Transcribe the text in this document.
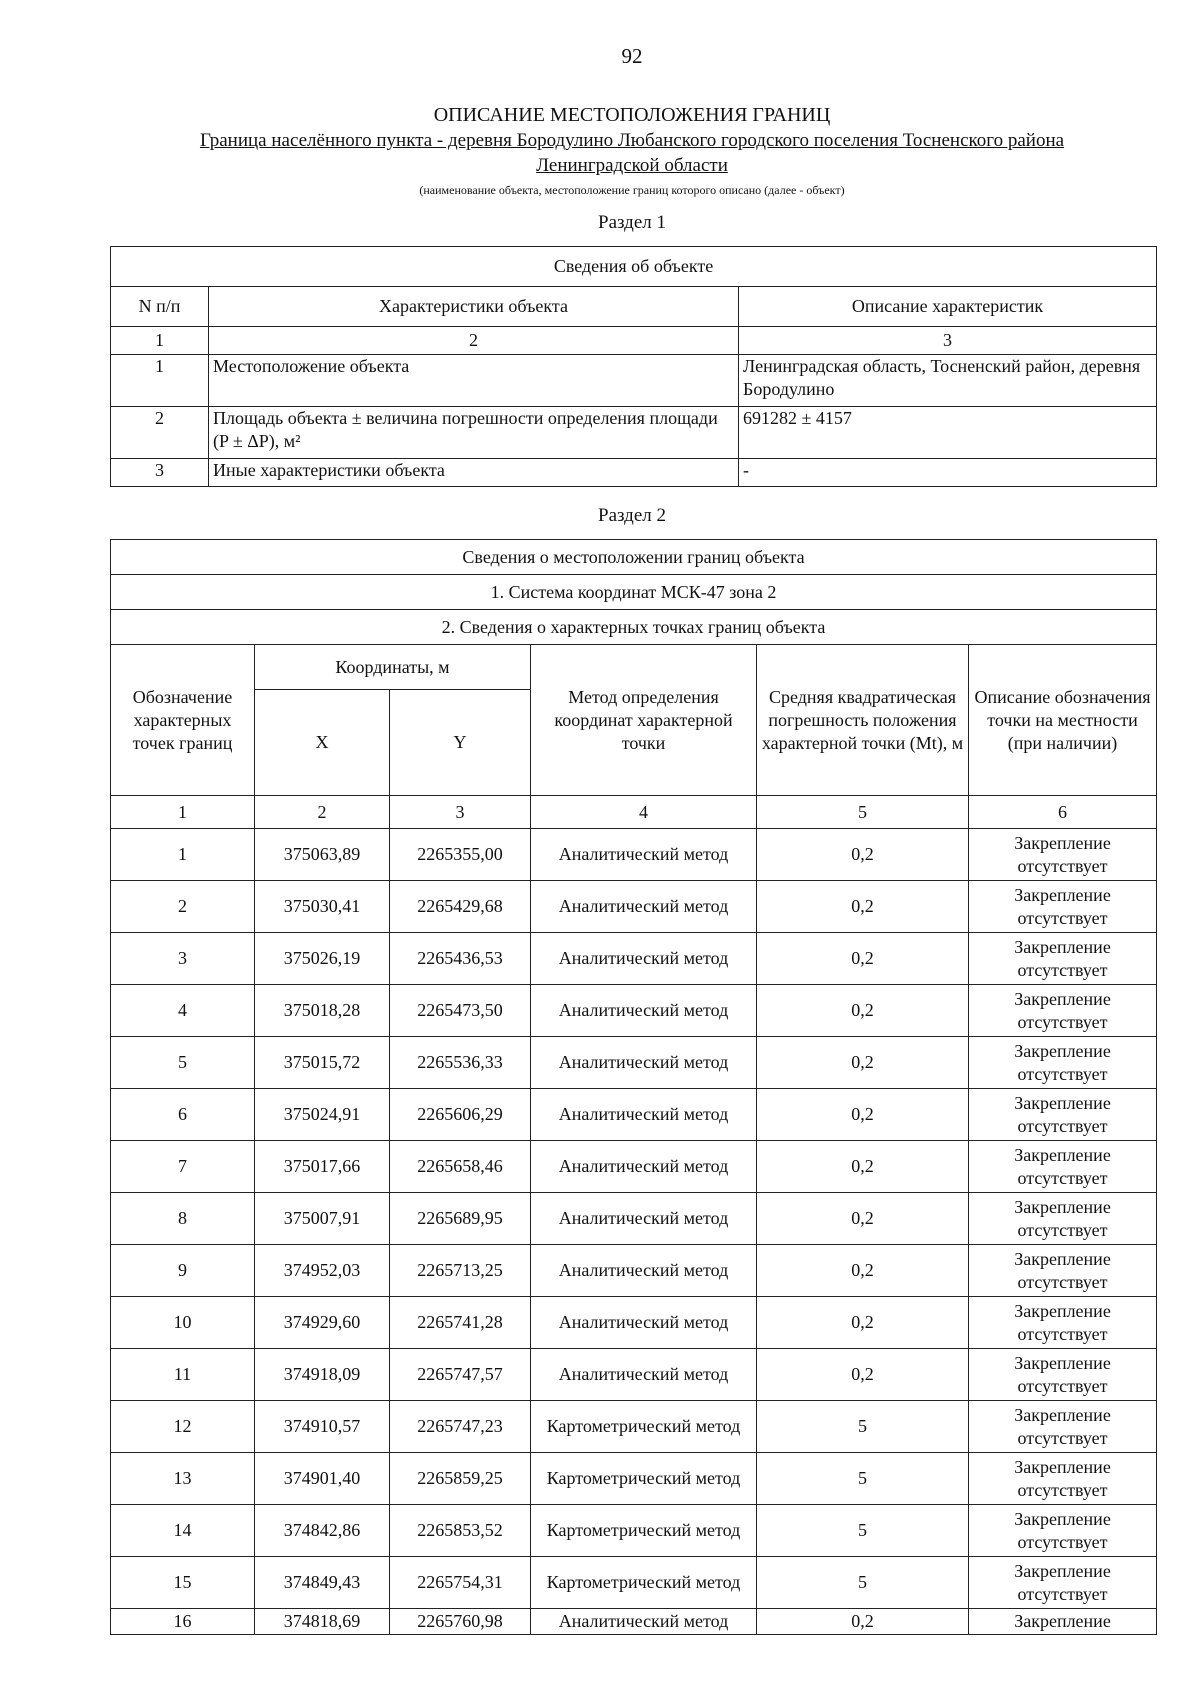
92
ОПИСАНИЕ МЕСТОПОЛОЖЕНИЯ ГРАНИЦ
Граница населённого пункта - деревня Бородулино Любанского городского поселения Тосненского района Ленинградской области
(наименование объекта, местоположение границ которого описано (далее - объект)
Раздел 1
Сведения об объекте		
N п/п	Характеристики объекта	Описание характеристик
1	2	3
1	Местоположение объекта	Ленинградская область, Тосненский район, деревня Бородулино
2	Площадь объекта ± величина погрешности определения площади (P ± ΔP), м²	691282 ± 4157
3	Иные характеристики объекта	-
Раздел 2
Сведения о местоположении границ объекта					
1. Система координат МСК-47 зона 2					
2. Сведения о характерных точках границ объекта					
Обозначение характерных точек границ	Координаты, м		Метод определения координат характерной точки	Средняя квадратическая погрешность положения характерной точки (Mt), м	Описание обозначения точки на местности (при наличии)
	X	Y			
1	2	3	4	5	6
1	375063,89	2265355,00	Аналитический метод	0,2	Закрепление отсутствует
2	375030,41	2265429,68	Аналитический метод	0,2	Закрепление отсутствует
3	375026,19	2265436,53	Аналитический метод	0,2	Закрепление отсутствует
4	375018,28	2265473,50	Аналитический метод	0,2	Закрепление отсутствует
5	375015,72	2265536,33	Аналитический метод	0,2	Закрепление отсутствует
6	375024,91	2265606,29	Аналитический метод	0,2	Закрепление отсутствует
7	375017,66	2265658,46	Аналитический метод	0,2	Закрепление отсутствует
8	375007,91	2265689,95	Аналитический метод	0,2	Закрепление отсутствует
9	374952,03	2265713,25	Аналитический метод	0,2	Закрепление отсутствует
10	374929,60	2265741,28	Аналитический метод	0,2	Закрепление отсутствует
11	374918,09	2265747,57	Аналитический метод	0,2	Закрепление отсутствует
12	374910,57	2265747,23	Картометрический метод	5	Закрепление отсутствует
13	374901,40	2265859,25	Картометрический метод	5	Закрепление отсутствует
14	374842,86	2265853,52	Картометрический метод	5	Закрепление отсутствует
15	374849,43	2265754,31	Картометрический метод	5	Закрепление отсутствует
16	374818,69	2265760,98	Аналитический метод	0,2	Закрепление
